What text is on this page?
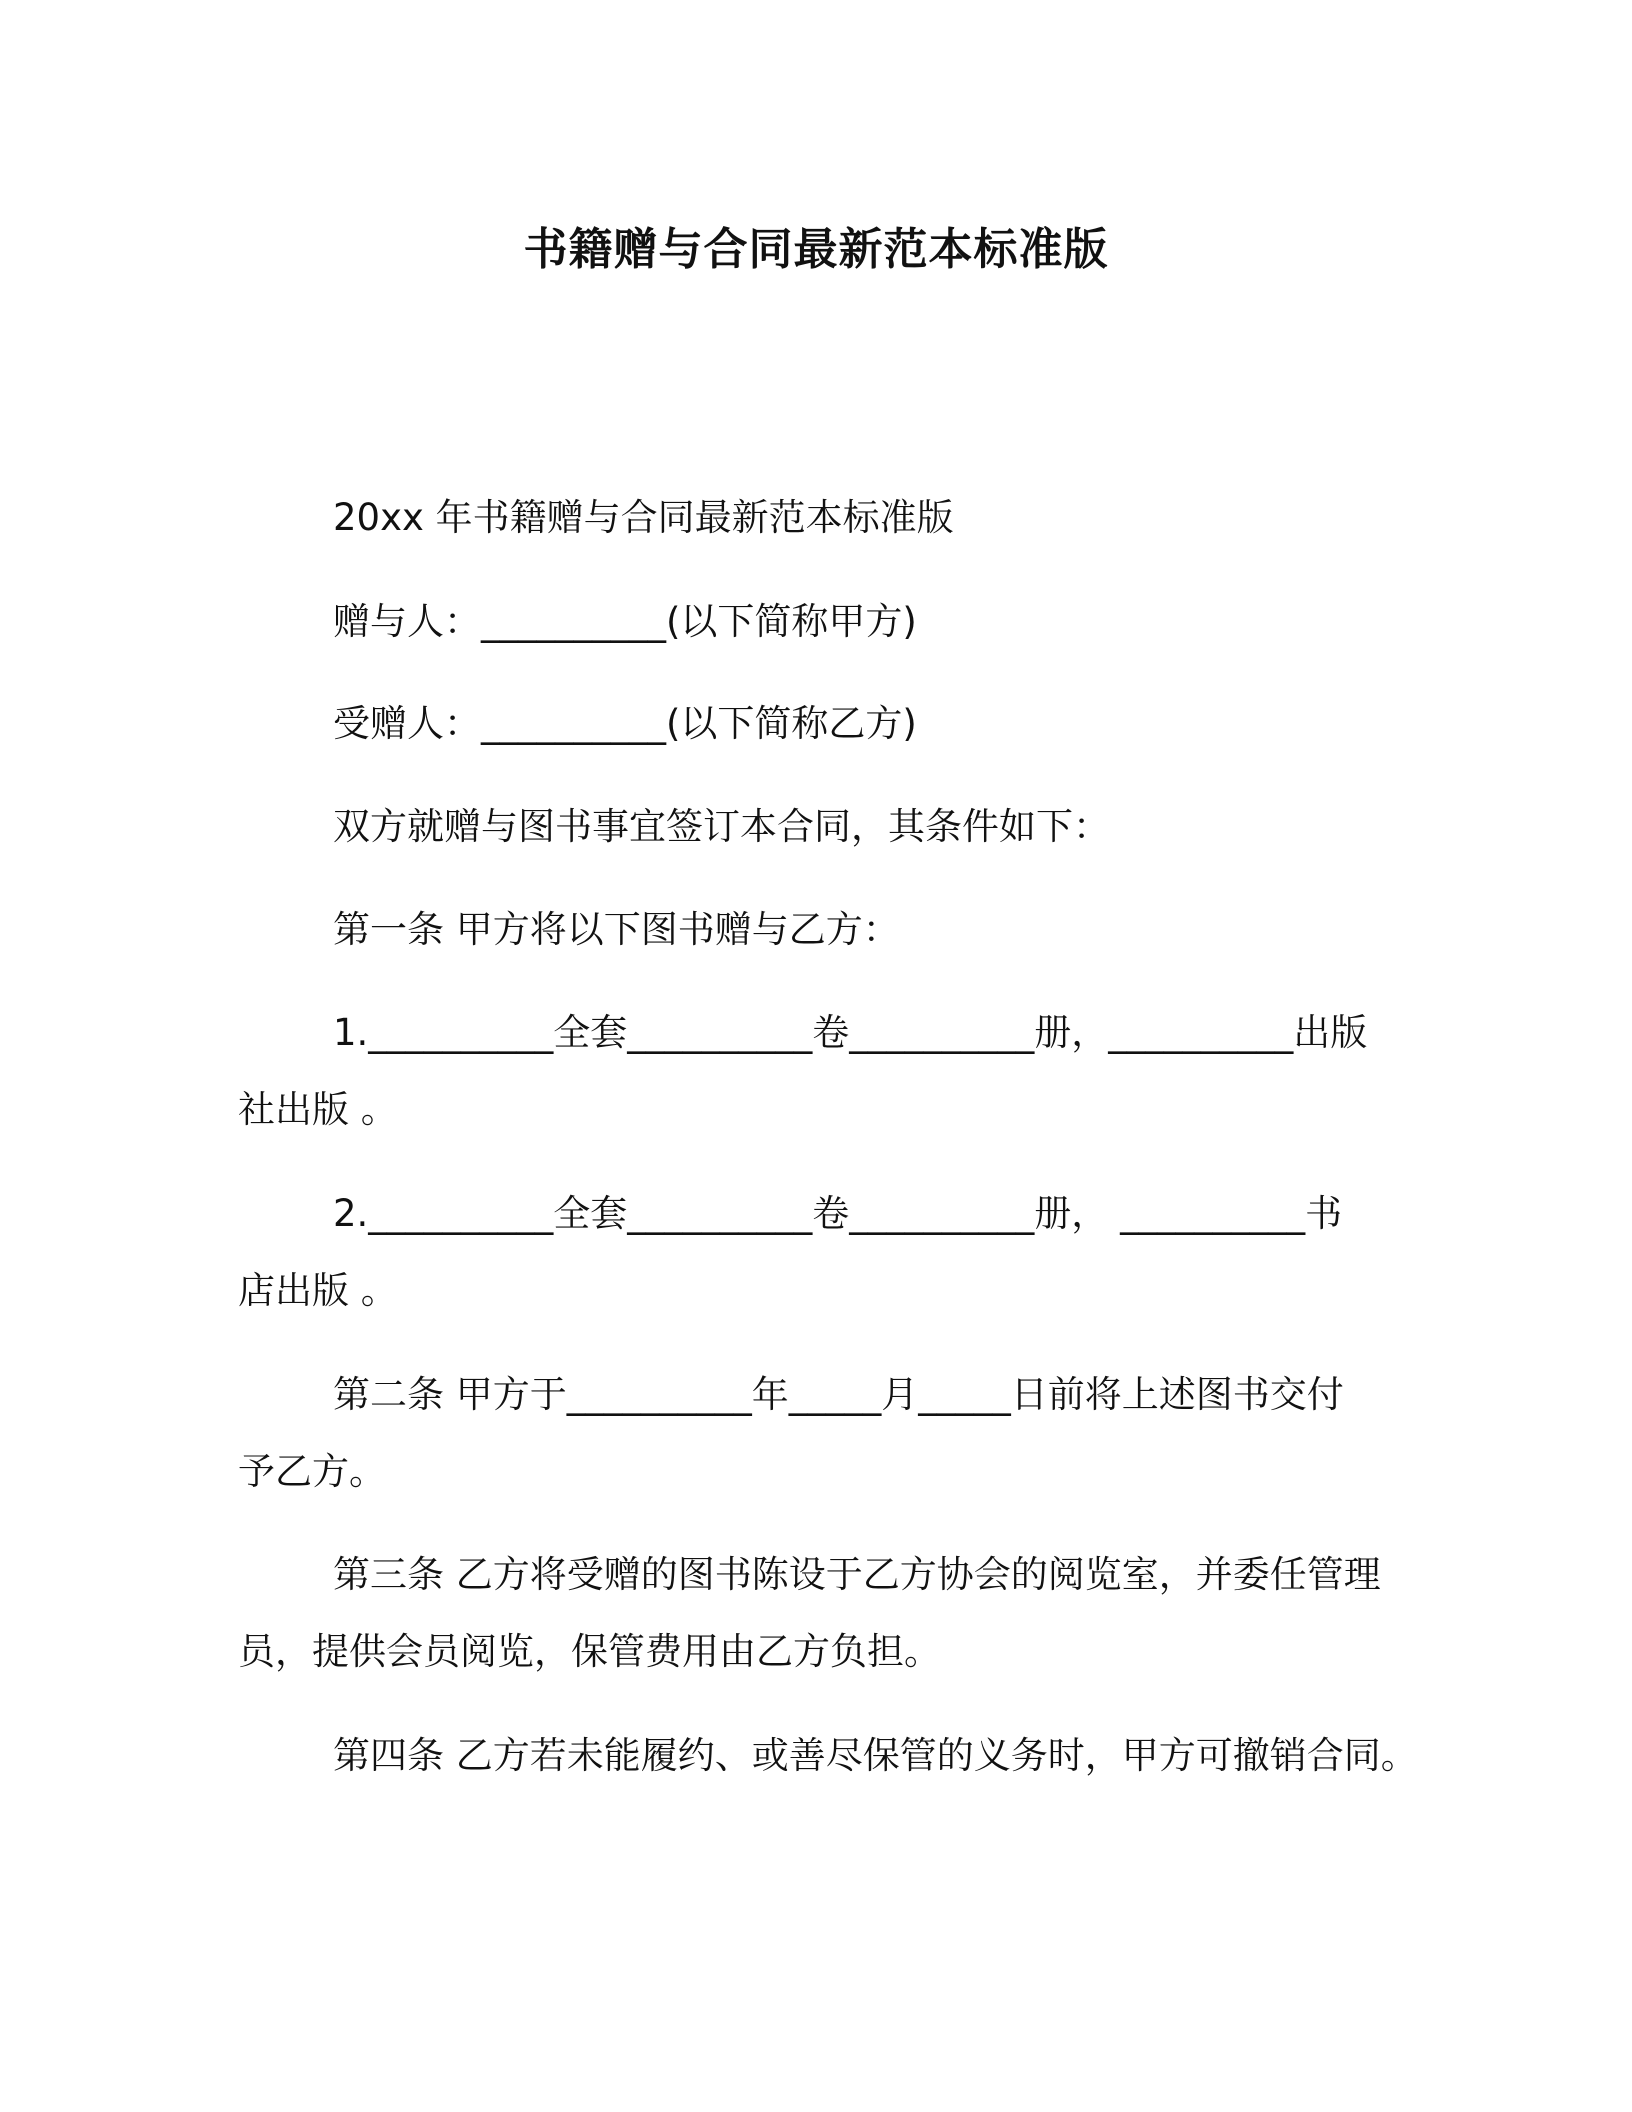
书籍赠与合同最新范本标准版
20xx 年书籍赠与合同最新范本标准版
赠与人：__________(以下简称甲方)
受赠人：__________(以下简称乙方)
双方就赠与图书事宜签订本合同，其条件如下：
第一条 甲方将以下图书赠与乙方：
1.__________全套__________卷__________册，__________出版
社出版 。
2.__________全套__________卷__________册， __________书
店出版 。
第二条 甲方于__________年_____月_____日前将上述图书交付
予乙方。
第三条 乙方将受赠的图书陈设于乙方协会的阅览室，并委任管理
员，提供会员阅览，保管费用由乙方负担。
第四条 乙方若未能履约、或善尽保管的义务时，甲方可撤销合同。
